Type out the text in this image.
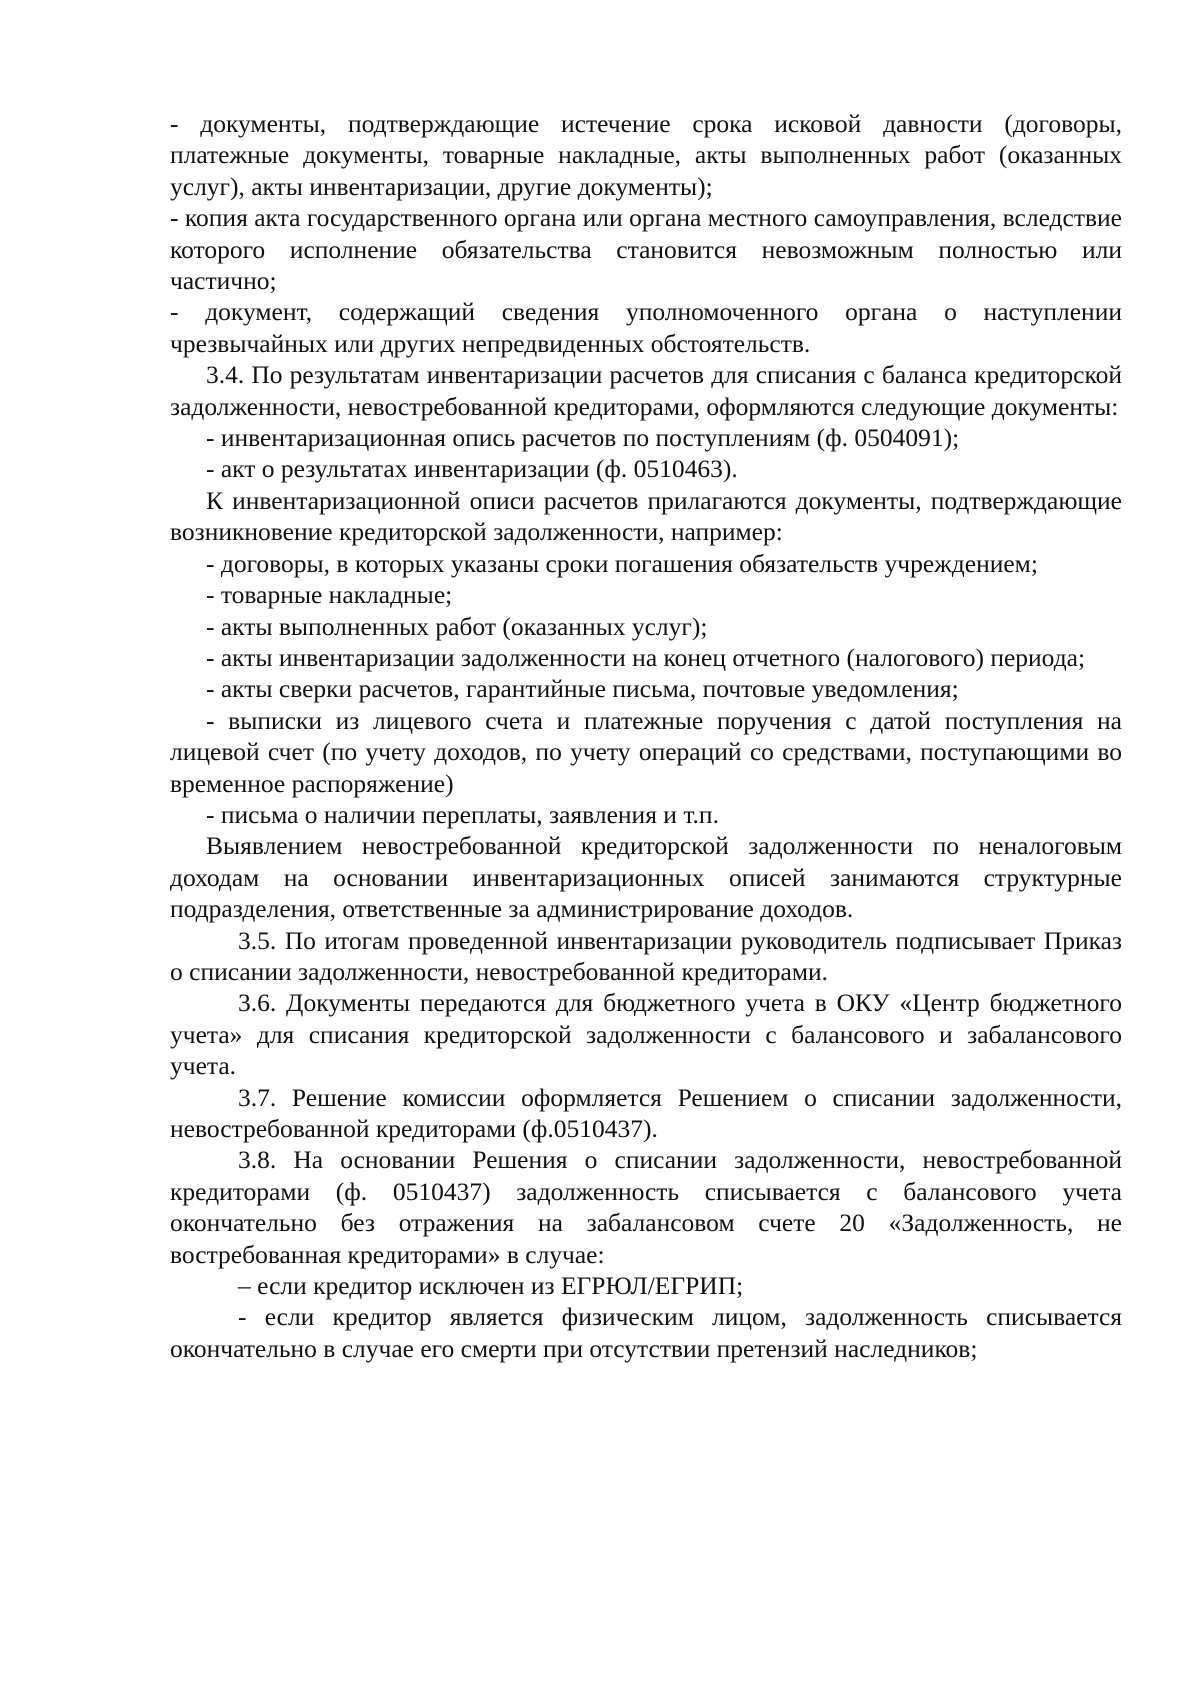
- документы, подтверждающие истечение срока исковой давности (договоры, платежные документы, товарные накладные, акты выполненных работ (оказанных услуг), акты инвентаризации, другие документы);

- копия акта государственного органа или органа местного самоуправления, вследствие которого исполнение обязательства становится невозможным полностью или частично;

- документ, содержащий сведения уполномоченного органа о наступлении чрезвычайных или других непредвиденных обстоятельств.

3.4. По результатам инвентаризации расчетов для списания с баланса кредиторской задолженности, невостребованной кредиторами, оформляются следующие документы:

- инвентаризационная опись расчетов по поступлениям (ф. 0504091);

- акт о результатах инвентаризации (ф. 0510463).

К инвентаризационной описи расчетов прилагаются документы, подтверждающие возникновение кредиторской задолженности, например:

- договоры, в которых указаны сроки погашения обязательств учреждением;

- товарные накладные;

- акты выполненных работ (оказанных услуг);

- акты инвентаризации задолженности на конец отчетного (налогового) периода;

- акты сверки расчетов, гарантийные письма, почтовые уведомления;

- выписки из лицевого счета и платежные поручения с датой поступления на лицевой счет (по учету доходов, по учету операций со средствами, поступающими во временное распоряжение)

- письма о наличии переплаты, заявления и т.п.

Выявлением невостребованной кредиторской задолженности по неналоговым доходам на основании инвентаризационных описей занимаются структурные подразделения, ответственные за администрирование доходов.

3.5. По итогам проведенной инвентаризации руководитель подписывает Приказ о списании задолженности, невостребованной кредиторами.

3.6. Документы передаются для бюджетного учета в ОКУ «Центр бюджетного учета» для списания кредиторской задолженности с балансового и забалансового учета.

3.7. Решение комиссии оформляется Решением о списании задолженности, невостребованной кредиторами (ф.0510437).

3.8. На основании Решения о списании задолженности, невостребованной кредиторами (ф. 0510437) задолженность списывается с балансового учета окончательно без отражения на забалансовом счете 20 «Задолженность, не востребованная кредиторами» в случае:

– если кредитор исключен из ЕГРЮЛ/ЕГРИП;

- если кредитор является физическим лицом, задолженность списывается окончательно в случае его смерти при отсутствии претензий наследников;
